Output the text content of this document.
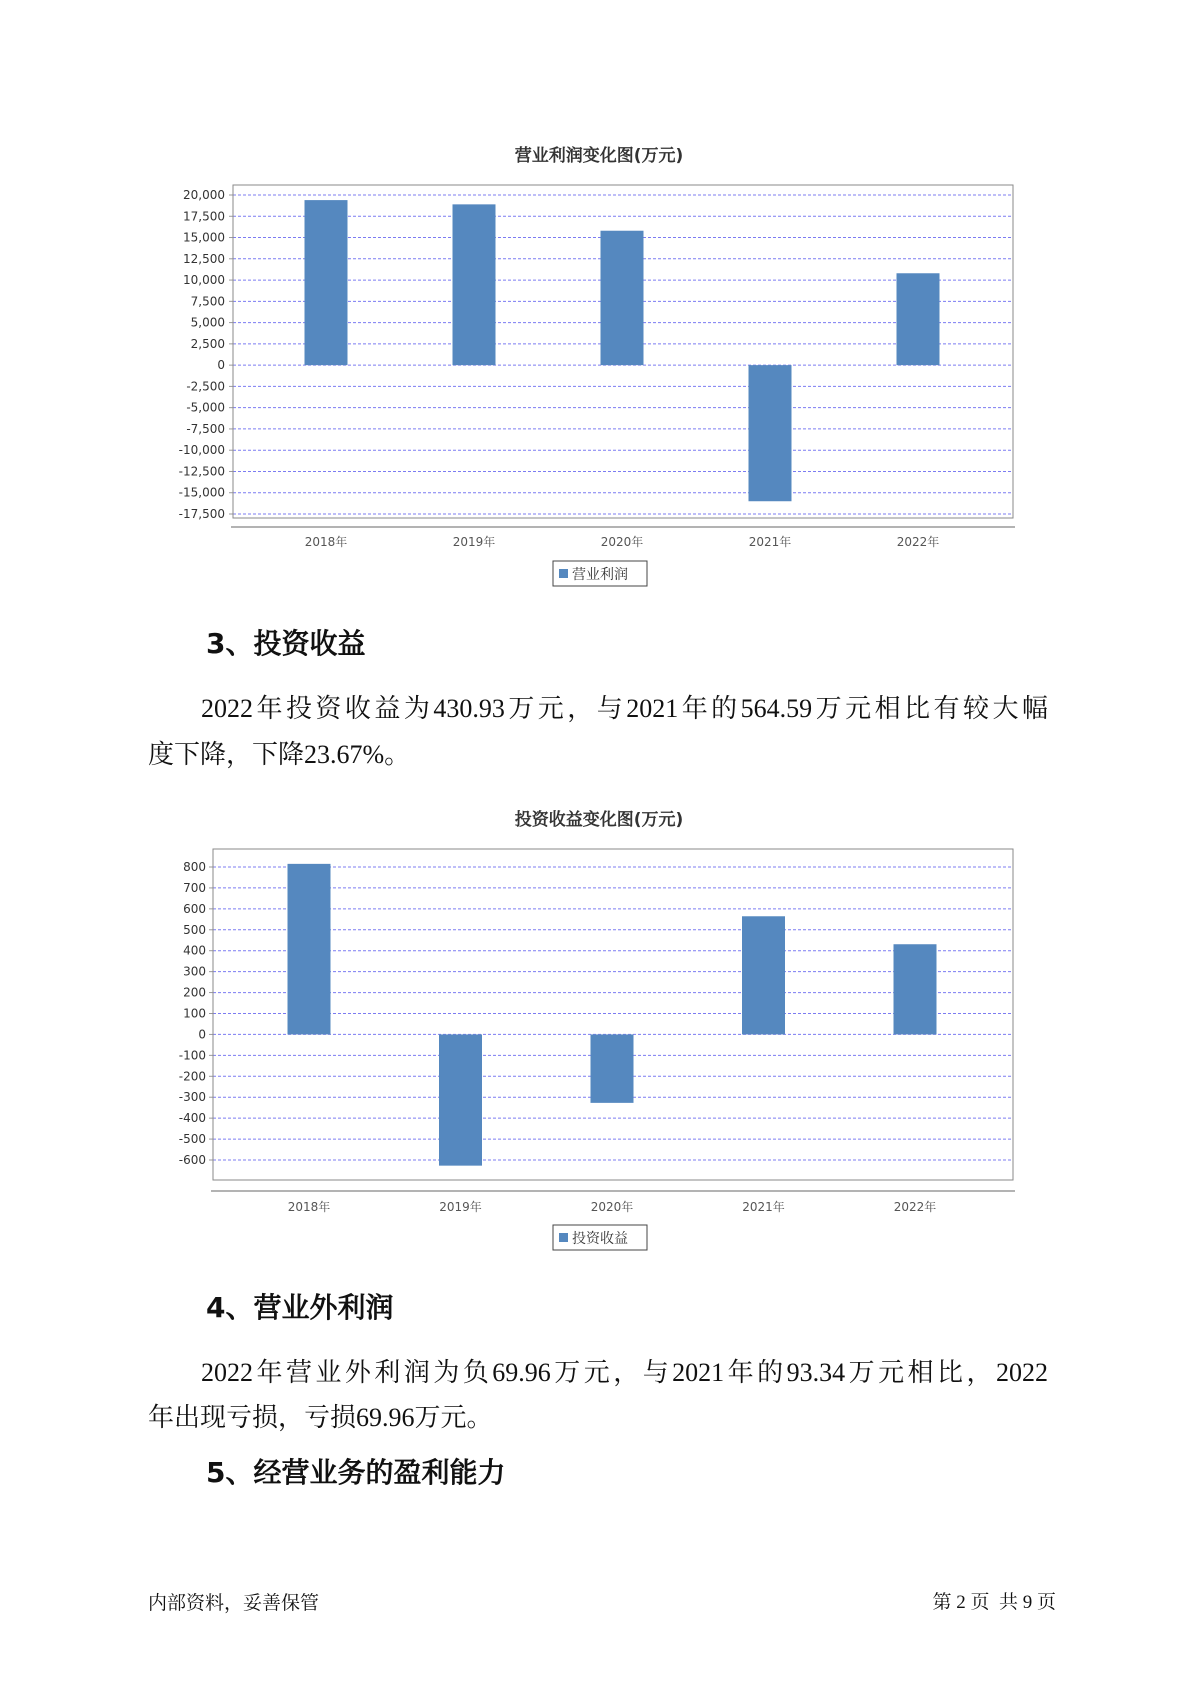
营业利润变化图(万元)
20,000
17,500
15,000
12,500
10,000
7,500
5,000
2,500
0
-2,500
-5,000
-7,500
-10,000
-12,500
-15,000
-17,500
2018年	2019年	2020年	2021年	2022年
营业利润
3、投资收益
2022年投资收益为430.93万元，与2021年的564.59万元相比有较大幅
度下降，下降23.67%。
投资收益变化图(万元)
800
700
600
500
400
300
200
100
0
-100
-200
-300
-400
-500
-600
2018年	2019年	2020年	2021年	2022年
投资收益
4、营业外利润
2022年营业外利润为负69.96万元，与2021年的93.34万元相比，2022
年出现亏损，亏损69.96万元。
5、经营业务的盈利能力
内部资料，妥善保管	第 2 页  共 9 页
